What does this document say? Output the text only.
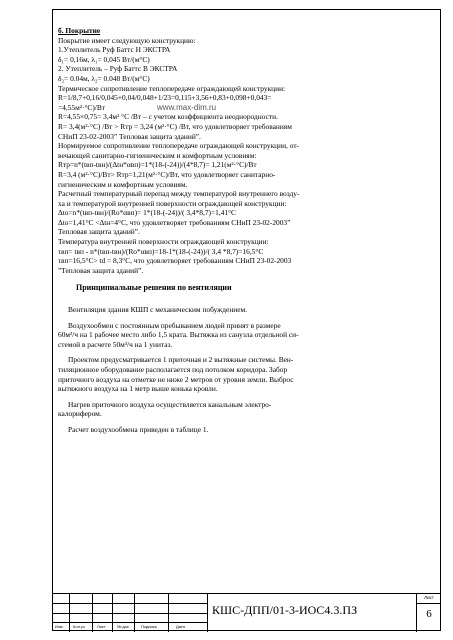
б. Покрытие

Покрытие имеет следующую конструкцию:

1.Утеплитель Руф Баттс Н ЭКСТРА

δ₁= 0,16м, λ₁= 0,045 Вт/(м°С)

2. Утеплитель – Руф Баттс В ЭКСТРА

δ₂= 0.04м, λ₂= 0.048 Вт/(м°С)

Термическое сопротивление теплопередаче ограждающей конструкции:

R=1/8,7+0,16/0,045+0,04/0,048+1/23=0,115+3,56+0,83+0,098+0,043=

=4,55м²·°С)/Вт	www.max-dim.ru

R=4,55×0,75= 3,4м² °С /Вт – с учетом коэффициента неоднородности.

R= 3,4(м²·°С) /Вт > Rтр = 3,24 (м²·°С) /Вт, что удовлетворяет требованиям

СНиП 23-02-2003” Тепловая защита зданий”.

Нормируемое сопротивление теплопередаче ограждающей конструкции, от-

вечающей санитарно-гигиеническим и комфортным условиям:

Rтр=n*(tвп-tвн)/(Δtн*αвп)=1*(18-(-24))/(4*8,7)= 1,21(м²·°С)/Вт

R=3,4 (м²·°С)/Вт> Rтр=1,21(м²·°С)/Вт, что удовлетворяет санитарно-

гигиеническим и комфортным условиям.

Расчетный температурный перепад между температурой внутреннего возду-

ха и температурой внутренней поверхности ограждающей конструкции:

Δtо=n*(tвп-tвн)/(Rо*αвп)= 1*(18-(-24))/( 3,4*8,7)=1,41°С

Δtо=1,41°С <Δtн=4°С, что удовлетворяет требованиям СНиП 23-02-2003”

Тепловая защита зданий”.

Температура внутренней поверхности ограждающей конструкции:

τвп= tвп - n*(tвп-tвн)/(Rо*αвп)=18-1*(18-(-24))/( 3,4 *8,7)=16,5°С

τвп=16,5°С> td = 8,3°С, что удовлетворяет требованиям СНиП 23-02-2003

”Тепловая защита зданий”.

Принципиальные решения по вентиляции

Вентиляция здания КШП с механическим побуждением.

Воздухообмен с постоянным пребыванием людей принят в размере

60м³/ч на 1 рабочее место либо 1,5 крата. Вытяжка из санузла отдельной си-

стемой в расчете 50м³/ч на 1 унитаз.

Проектом предусматривается 1 приточная и 2 вытяжные системы. Вен-

тиляционное оборудование располагается под потолком коридора. Забор

приточного воздуха на отметке не ниже 2 метров от уровня земли. Выброс

вытяжного воздуха на 1 метр выше конька кровли.

Нагрев приточного воздуха осуществляется канальным электро-

калорифером.

Расчет воздухообмена приведен в таблице 1.

Изм. Кол.уч	Лист	№ док	Подпись	Дата
КШС-ДПП/01-3-ИОС4.3.ПЗ
Лист
6
